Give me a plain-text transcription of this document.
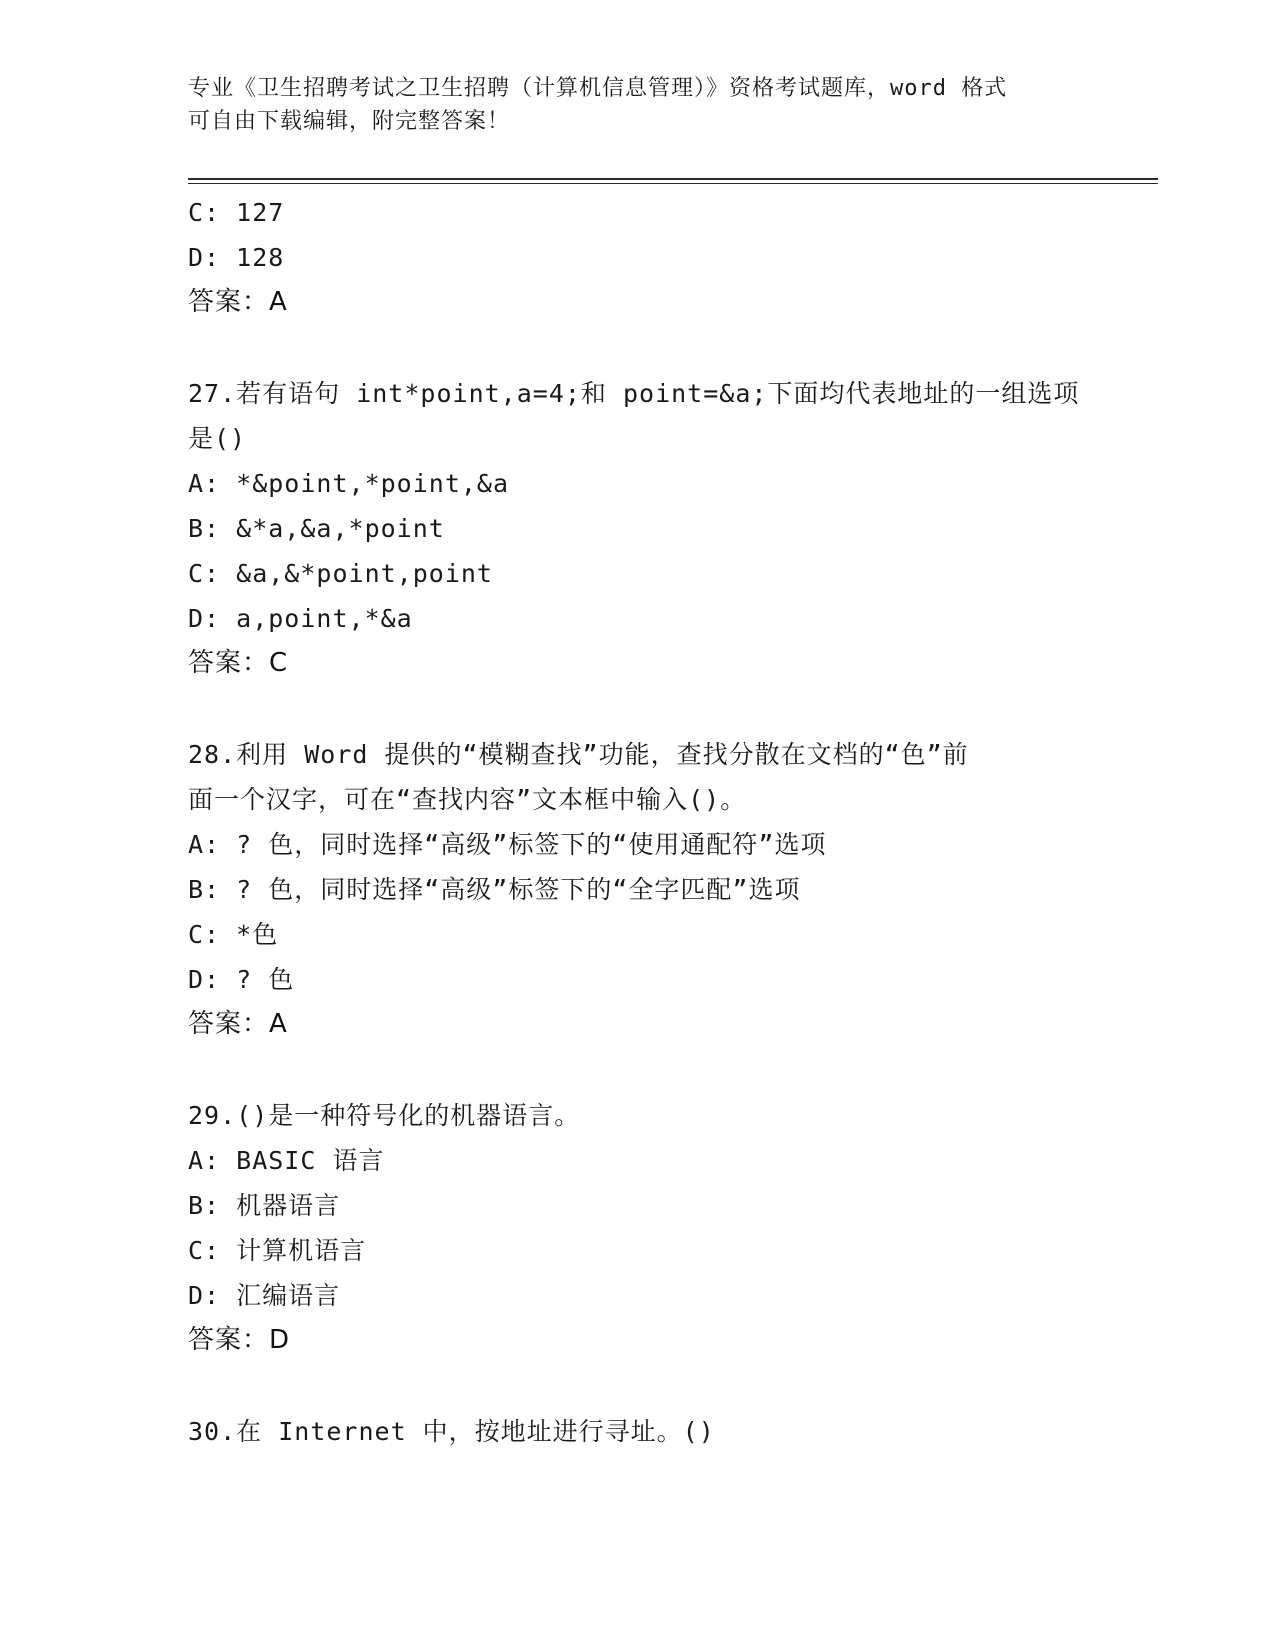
专业《卫生招聘考试之卫生招聘（计算机信息管理）》资格考试题库，word 格式
可自由下载编辑，附完整答案！
C: 127
D: 128
答案：A
27.若有语句 int*point,a=4;和 point=&a;下面均代表地址的一组选项
是()
A: *&point,*point,&a
B: &*a,&a,*point
C: &a,&*point,point
D: a,point,*&a
答案：C
28.利用 Word 提供的“模糊查找”功能，查找分散在文档的“色”前
面一个汉字，可在“查找内容”文本框中输入()。
A: ? 色，同时选择“高级”标签下的“使用通配符”选项
B: ? 色，同时选择“高级”标签下的“全字匹配”选项
C: *色
D: ? 色
答案：A
29.()是一种符号化的机器语言。
A: BASIC 语言
B: 机器语言
C: 计算机语言
D: 汇编语言
答案：D
30.在 Internet 中，按地址进行寻址。()
